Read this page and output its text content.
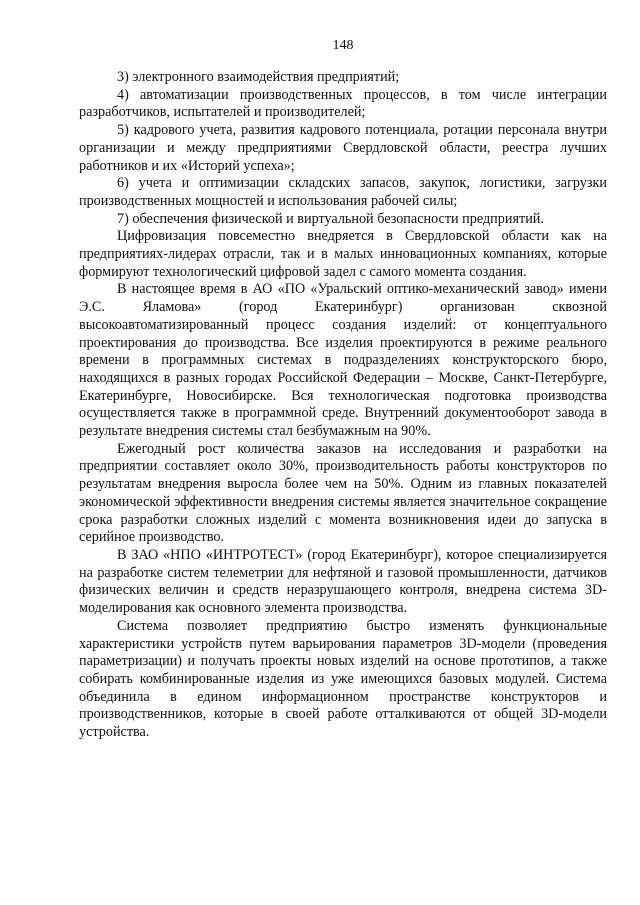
148

3) электронного взаимодействия предприятий;

4) автоматизации производственных процессов, в том числе интеграции разработчиков, испытателей и производителей;

5) кадрового учета, развития кадрового потенциала, ротации персонала внутри организации и между предприятиями Свердловской области, реестра лучших работников и их «Историй успеха»;

6) учета и оптимизации складских запасов, закупок, логистики, загрузки производственных мощностей и использования рабочей силы;

7) обеспечения физической и виртуальной безопасности предприятий.

Цифровизация повсеместно внедряется в Свердловской области как на предприятиях-лидерах отрасли, так и в малых инновационных компаниях, которые формируют технологический цифровой задел с самого момента создания.

В настоящее время в АО «ПО «Уральский оптико-механический завод» имени Э.С. Яламова» (город Екатеринбург) организован сквозной высокоавтоматизированный процесс создания изделий: от концептуального проектирования до производства. Все изделия проектируются в режиме реального времени в программных системах в подразделениях конструкторского бюро, находящихся в разных городах Российской Федерации – Москве, Санкт-Петербурге, Екатеринбурге, Новосибирске. Вся технологическая подготовка производства осуществляется также в программной среде. Внутренний документооборот завода в результате внедрения системы стал безбумажным на 90%.

Ежегодный рост количества заказов на исследования и разработки на предприятии составляет около 30%, производительность работы конструкторов по результатам внедрения выросла более чем на 50%. Одним из главных показателей экономической эффективности внедрения системы является значительное сокращение срока разработки сложных изделий с момента возникновения идеи до запуска в серийное производство.

В ЗАО «НПО «ИНТРОТЕСТ» (город Екатеринбург), которое специализируется на разработке систем телеметрии для нефтяной и газовой промышленности, датчиков физических величин и средств неразрушающего контроля, внедрена система 3D-моделирования как основного элемента производства.

Система позволяет предприятию быстро изменять функциональные характеристики устройств путем варьирования параметров 3D-модели (проведения параметризации) и получать проекты новых изделий на основе прототипов, а также собирать комбинированные изделия из уже имеющихся базовых модулей. Система объединила в едином информационном пространстве конструкторов и производственников, которые в своей работе отталкиваются от общей 3D-модели устройства.
